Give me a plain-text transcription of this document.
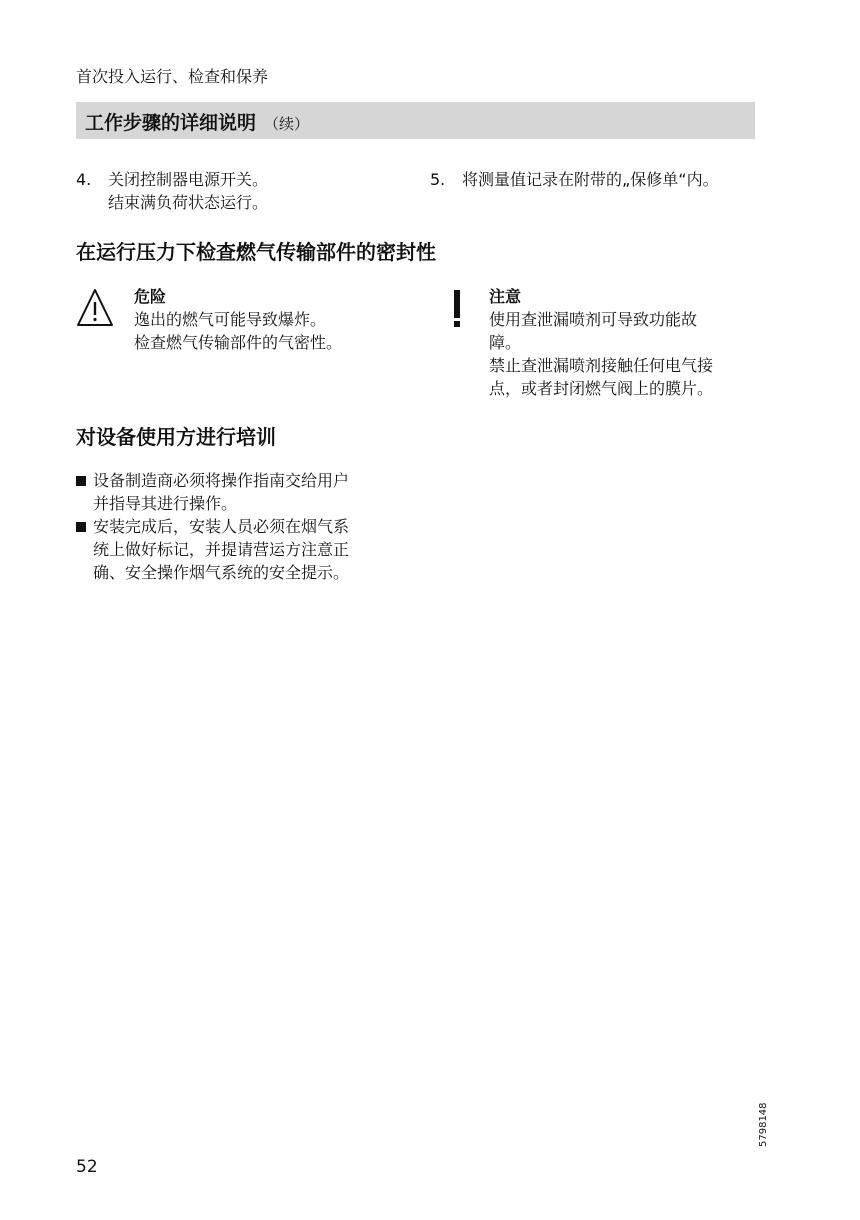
首次投入运行、检查和保养
工作步骤的详细说明 （续）
4. 关闭控制器电源开关。
结束满负荷状态运行。
5. 将测量值记录在附带的„保修单“内。
在运行压力下检查燃气传输部件的密封性
危险
逸出的燃气可能导致爆炸。
检查燃气传输部件的气密性。
注意
使用查泄漏喷剂可导致功能故
障。
禁止查泄漏喷剂接触任何电气接
点，或者封闭燃气阀上的膜片。
对设备使用方进行培训
设备制造商必须将操作指南交给用户
并指导其进行操作。
安装完成后，安装人员必须在烟气系
统上做好标记，并提请营运方注意正
确、安全操作烟气系统的安全提示。
5798148
52
